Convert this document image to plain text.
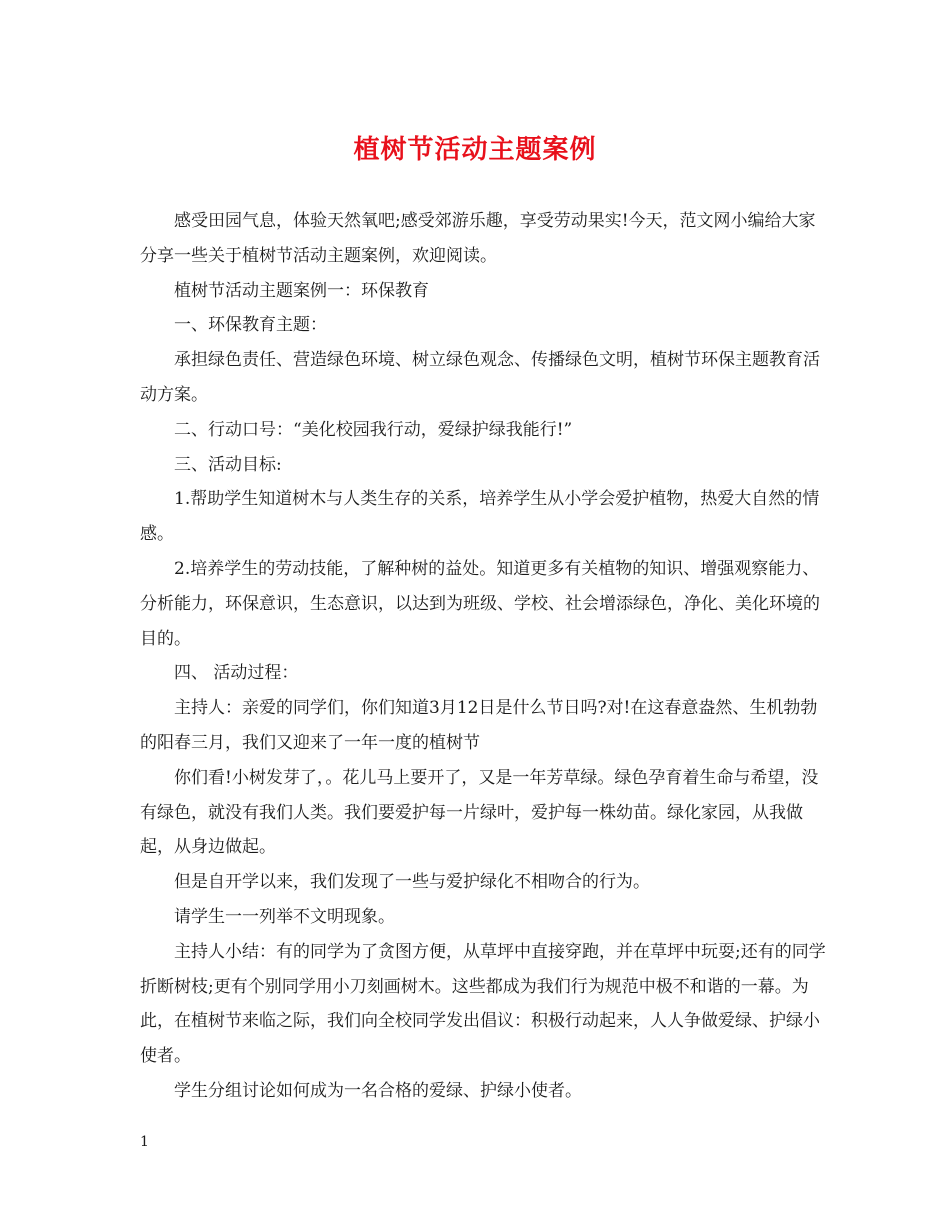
植树节活动主题案例

感受田园气息，体验天然氧吧;感受郊游乐趣，享受劳动果实!今天，范文网小编给大家分享一些关于植树节活动主题案例，欢迎阅读。

植树节活动主题案例一：环保教育

一、环保教育主题：

承担绿色责任、营造绿色环境、树立绿色观念、传播绿色文明，植树节环保主题教育活动方案。

二、行动口号：“美化校园我行动，爱绿护绿我能行!”

三、活动目标:

1.帮助学生知道树木与人类生存的关系，培养学生从小学会爱护植物，热爱大自然的情感。

2.培养学生的劳动技能，了解种树的益处。知道更多有关植物的知识、增强观察能力、分析能力，环保意识，生态意识，以达到为班级、学校、社会增添绿色，净化、美化环境的目的。

四、 活动过程：

主持人：亲爱的同学们，你们知道3月12日是什么节日吗?对!在这春意盎然、生机勃勃的阳春三月，我们又迎来了一年一度的植树节

你们看!小树发芽了，。花儿马上要开了，又是一年芳草绿。绿色孕育着生命与希望，没有绿色，就没有我们人类。我们要爱护每一片绿叶，爱护每一株幼苗。绿化家园，从我做起，从身边做起。

但是自开学以来，我们发现了一些与爱护绿化不相吻合的行为。

请学生一一列举不文明现象。

主持人小结：有的同学为了贪图方便，从草坪中直接穿跑，并在草坪中玩耍;还有的同学折断树枝;更有个别同学用小刀刻画树木。这些都成为我们行为规范中极不和谐的一幕。为此，在植树节来临之际，我们向全校同学发出倡议：积极行动起来，人人争做爱绿、护绿小使者。

学生分组讨论如何成为一名合格的爱绿、护绿小使者。

1
